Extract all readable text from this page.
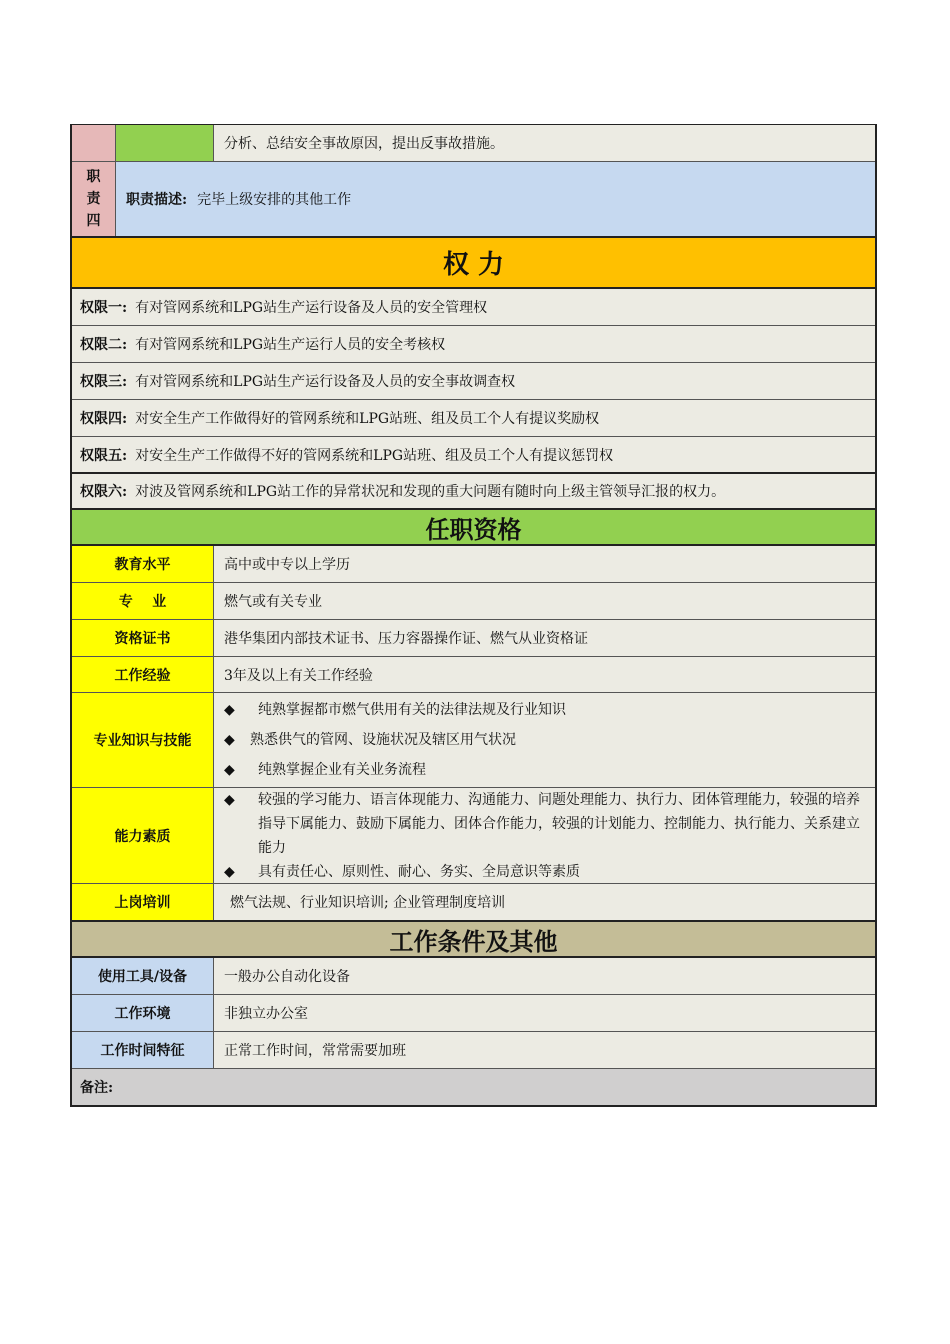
分析、总结安全事故原因，提出反事故措施。
职
责
四
职责描述: 完毕上级安排的其他工作
权 力
权限一: 有对管网系统和LPG站生产运行设备及人员的安全管理权
权限二: 有对管网系统和LPG站生产运行人员的安全考核权
权限三: 有对管网系统和LPG站生产运行设备及人员的安全事故调查权
权限四: 对安全生产工作做得好的管网系统和LPG站班、组及员工个人有提议奖励权
权限五: 对安全生产工作做得不好的管网系统和LPG站班、组及员工个人有提议惩罚权
权限六: 对波及管网系统和LPG站工作的异常状况和发现的重大问题有随时向上级主管领导汇报的权力。
任职资格
教育水平	高中或中专以上学历
专    业	燃气或有关专业
资格证书	港华集团内部技术证书、压力容器操作证、燃气从业资格证
工作经验	3年及以上有关工作经验
专业知识与技能
◆	纯熟掌握都市燃气供用有关的法律法规及行业知识
◆	熟悉供气的管网、设施状况及辖区用气状况
◆	纯熟掌握企业有关业务流程
能力素质
◆	较强的学习能力、语言体现能力、沟通能力、问题处理能力、执行力、团体管理能力，较强的培养指导下属能力、鼓励下属能力、团体合作能力，较强的计划能力、控制能力、执行能力、关系建立能力
◆	具有责任心、原则性、耐心、务实、全局意识等素质
上岗培训	燃气法规、行业知识培训; 企业管理制度培训
工作条件及其他
使用工具/设备	一般办公自动化设备
工作环境	非独立办公室
工作时间特征	正常工作时间，常常需要加班
备注:
